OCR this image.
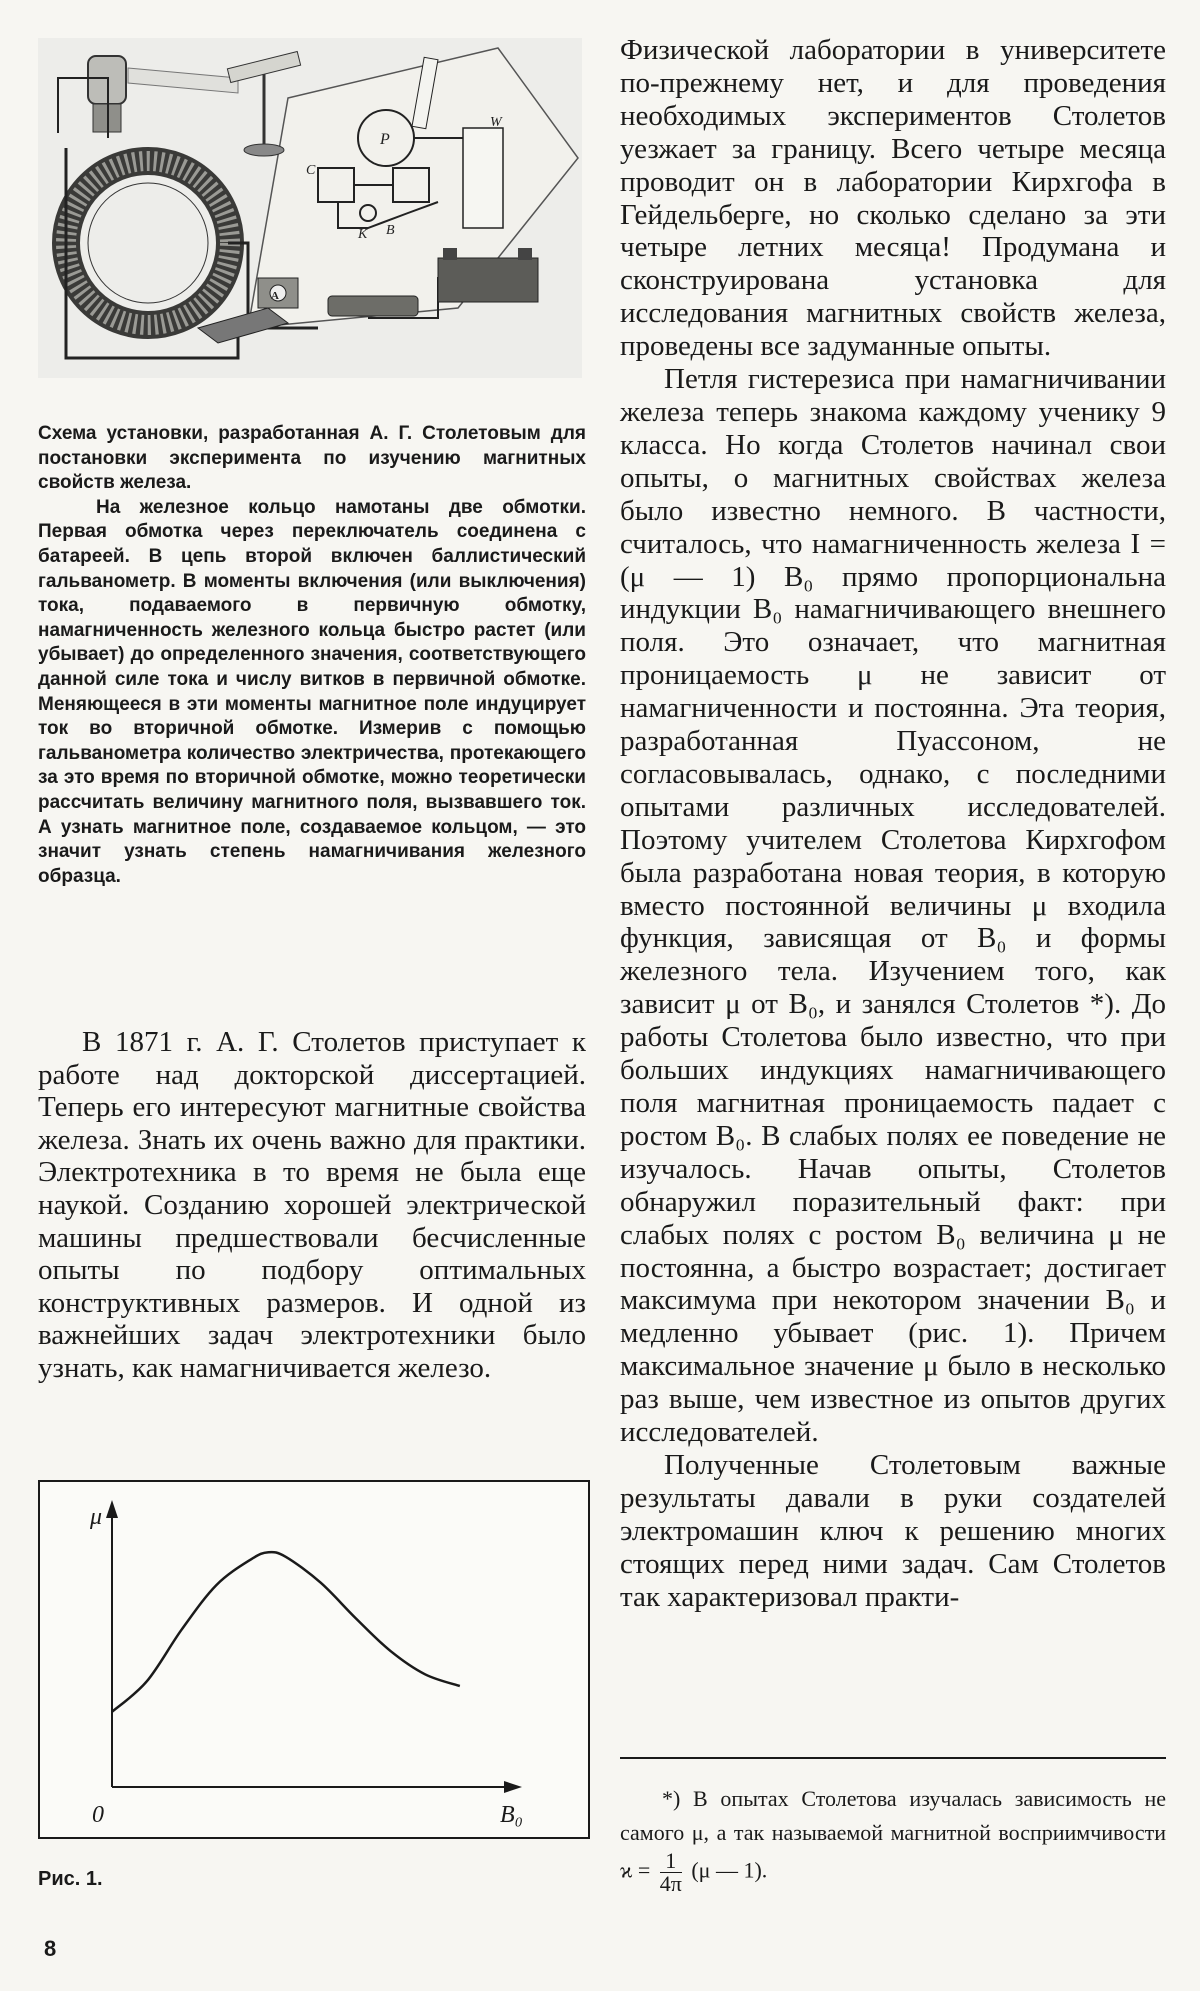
P
C
W
K B
A

Схема установки, разработанная А. Г. Столетовым для постановки эксперимента по изучению магнитных свойств железа.

На железное кольцо намотаны две обмотки. Первая обмотка через переключатель соединена с батареей. В цепь второй включен баллистический гальванометр. В моменты включения (или выключения) тока, подаваемого в первичную обмотку, намагниченность железного кольца быстро растет (или убывает) до определенного значения, соответствующего данной силе тока и числу витков в первичной обмотке. Меняющееся в эти моменты магнитное поле индуцирует ток во вторичной обмотке. Измерив с помощью гальванометра количество электричества, протекающего за это время по вторичной обмотке, можно теоретически рассчитать величину магнитного поля, вызвавшего ток. А узнать магнитное поле, создаваемое кольцом, — это значит узнать степень намагничивания железного образца.

В 1871 г. А. Г. Столетов приступает к работе над докторской диссертацией. Теперь его интересуют магнитные свойства железа. Знать их очень важно для практики. Электротехника в то время не была еще наукой. Созданию хорошей электрической машины предшествовали бесчисленные опыты по подбору оптимальных конструктивных размеров. И одной из важнейших задач электротехники было узнать, как намагничивается железо.

μ
B₀
0
Рис. 1.
8

Физической лаборатории в университете по-прежнему нет, и для проведения необходимых экспериментов Столетов уезжает за границу. Всего четыре месяца проводит он в лаборатории Кирхгофа в Гейдельберге, но сколько сделано за эти четыре летних месяца! Продумана и сконструирована установка для исследования магнитных свойств железа, проведены все задуманные опыты.

Петля гистерезиса при намагничивании железа теперь знакома каждому ученику 9 класса. Но когда Столетов начинал свои опыты, о магнитных свойствах железа было известно немного. В частности, считалось, что намагниченность железа I = (μ — 1) B₀ прямо пропорциональна индукции B₀ намагничивающего внешнего поля. Это означает, что магнитная проницаемость μ не зависит от намагниченности и постоянна. Эта теория, разработанная Пуассоном, не согласовывалась, однако, с последними опытами различных исследователей. Поэтому учителем Столетова Кирхгофом была разработана новая теория, в которую вместо постоянной величины μ входила функция, зависящая от B₀ и формы железного тела. Изучением того, как зависит μ от B₀, и занялся Столетов *). До работы Столетова было известно, что при больших индукциях намагничивающего поля магнитная проницаемость падает с ростом B₀. В слабых полях ее поведение не изучалось. Начав опыты, Столетов обнаружил поразительный факт: при слабых полях с ростом B₀ величина μ не постоянна, а быстро возрастает; достигает максимума при некотором значении B₀ и медленно убывает (рис. 1). Причем максимальное значение μ было в несколько раз выше, чем известное из опытов других исследователей.

Полученные Столетовым важные результаты давали в руки создателей электромашин ключ к решению многих стоящих перед ними задач. Сам Столетов так характеризовал практи-

*) В опытах Столетова изучалась зависимость не самого μ, а так называемой магнитной восприимчивости $ϰ = \frac{1}{4\pi} (\mu$ — 1).
